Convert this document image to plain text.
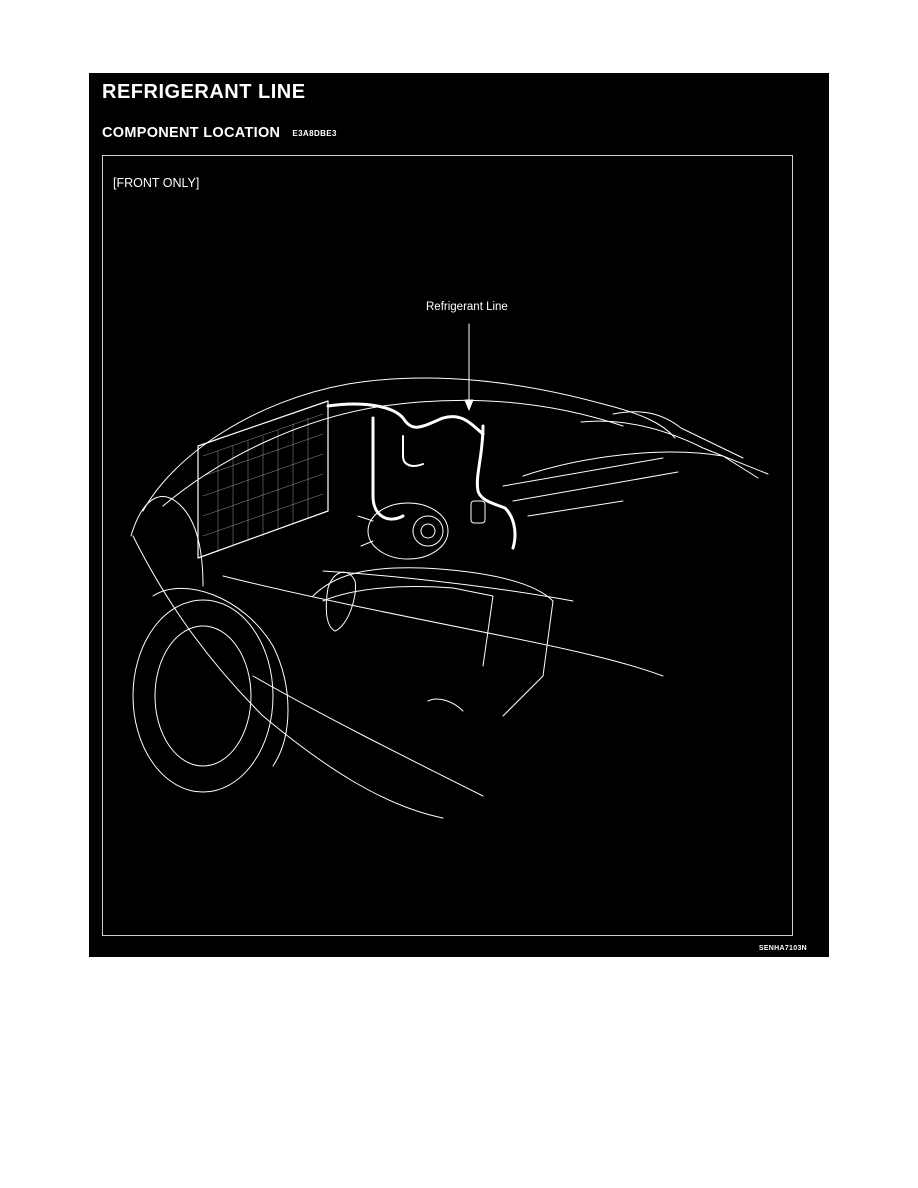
REFRIGERANT LINE
COMPONENT LOCATION E3A8DBE3
[FRONT ONLY]
Refrigerant Line
SENHA7103N
